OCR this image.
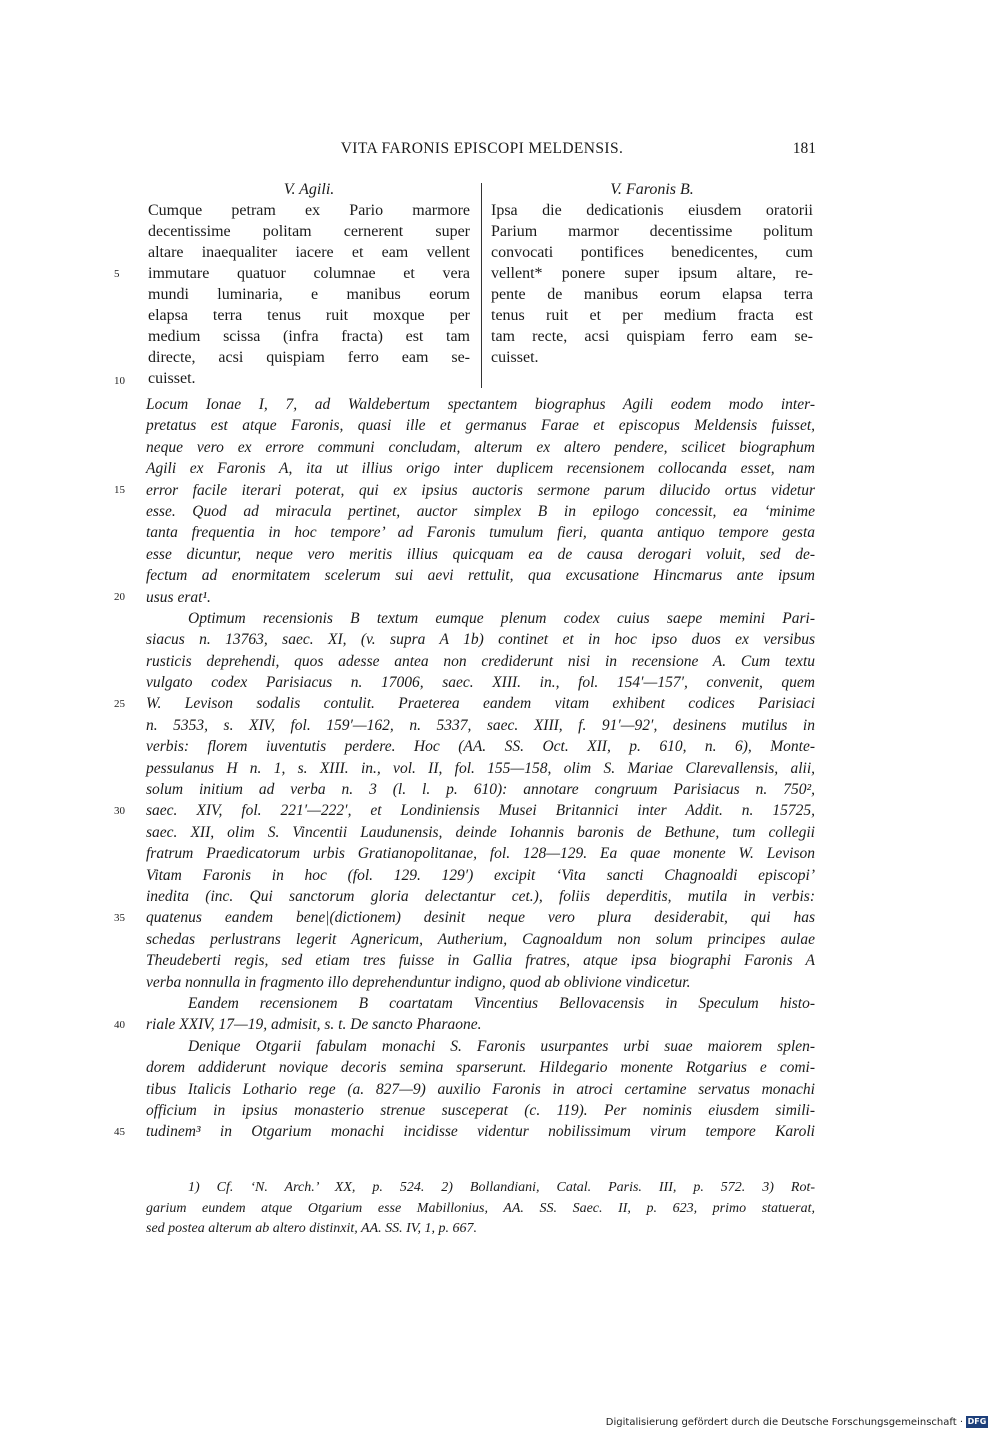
VITA FARONIS EPISCOPI MELDENSIS.	181
V. Agili.
Cumque petram ex Pario marmore
decentissime politam cernerent super
altare inaequaliter iacere et eam vellent
immutare quatuor columnae et vera
mundi luminaria, e manibus eorum
elapsa terra tenus ruit moxque per
medium scissa (infra fracta) est tam
directe, acsi quispiam ferro eam se-
cuisset.
V. Faronis B.
Ipsa die dedicationis eiusdem oratorii
Parium marmor decentissime politum
convocati pontifices benedicentes, cum
vellent* ponere super ipsum altare, re-
pente de manibus eorum elapsa terra
tenus ruit et per medium fracta est
tam recte, acsi quispiam ferro eam se-
cuisset.
5
10
15
20
25
30
35
40
45
Locum Ionae I, 7, ad Waldebertum spectantem biographus Agili eodem modo inter-
pretatus est atque Faronis, quasi ille et germanus Farae et episcopus Meldensis fuisset,
neque vero ex errore communi concludam, alterum ex altero pendere, scilicet biographum
Agili ex Faronis A, ita ut illius origo inter duplicem recensionem collocanda esset, nam
error facile iterari poterat, qui ex ipsius auctoris sermone parum dilucido ortus videtur
esse. Quod ad miracula pertinet, auctor simplex B in epilogo concessit, ea ‘minime
tanta frequentia in hoc tempore’ ad Faronis tumulum fieri, quanta antiquo tempore gesta
esse dicuntur, neque vero meritis illius quicquam ea de causa derogari voluit, sed de-
fectum ad enormitatem scelerum sui aevi rettulit, qua excusatione Hincmarus ante ipsum
usus erat¹.
Optimum recensionis B textum eumque plenum codex cuius saepe memini Pari-
siacus n. 13763, saec. XI, (v. supra A 1b) continet et in hoc ipso duos ex versibus
rusticis deprehendi, quos adesse antea non crediderunt nisi in recensione A. Cum textu
vulgato codex Parisiacus n. 17006, saec. XIII. in., fol. 154′—157′, convenit, quem
W. Levison sodalis contulit. Praeterea eandem vitam exhibent codices Parisiaci
n. 5353, s. XIV, fol. 159′—162, n. 5337, saec. XIII, f. 91′—92′, desinens mutilus in
verbis: florem iuventutis perdere. Hoc (AA. SS. Oct. XII, p. 610, n. 6), Monte-
pessulanus H n. 1, s. XIII. in., vol. II, fol. 155—158, olim S. Mariae Clarevallensis, alii,
solum initium ad verba n. 3 (l. l. p. 610): annotare congruum Parisiacus n. 750²,
saec. XIV, fol. 221′—222′, et Londiniensis Musei Britannici inter Addit. n. 15725,
saec. XII, olim S. Vincentii Laudunensis, deinde Iohannis baronis de Bethune, tum collegii
fratrum Praedicatorum urbis Gratianopolitanae, fol. 128—129. Ea quae monente W. Levison
Vitam Faronis in hoc (fol. 129. 129′) excipit ‘Vita sancti Chagnoaldi episcopi’
inedita (inc. Qui sanctorum gloria delectantur cet.), foliis deperditis, mutila in verbis:
quatenus eandem bene|(dictionem) desinit neque vero plura desiderabit, qui has
schedas perlustrans legerit Agnericum, Autherium, Cagnoaldum non solum principes aulae
Theudeberti regis, sed etiam tres fuisse in Gallia fratres, atque ipsa biographi Faronis A
verba nonnulla in fragmento illo deprehenduntur indigno, quod ab oblivione vindicetur.
Eandem recensionem B coartatam Vincentius Bellovacensis in Speculum histo-
riale XXIV, 17—19, admisit, s. t. De sancto Pharaone.
Denique Otgarii fabulam monachi S. Faronis usurpantes urbi suae maiorem splen-
dorem addiderunt novique decoris semina sparserunt. Hildegario monente Rotgarius e comi-
tibus Italicis Lothario rege (a. 827—9) auxilio Faronis in atroci certamine servatus monachi
officium in ipsius monasterio strenue susceperat (c. 119). Per nominis eiusdem simili-
tudinem³ in Otgarium monachi incidisse videntur nobilissimum virum tempore Karoli
1) Cf. ‘N. Arch.’ XX, p. 524. 2) Bollandiani, Catal. Paris. III, p. 572. 3) Rot-
garium eundem atque Otgarium esse Mabillonius, AA. SS. Saec. II, p. 623, primo statuerat,
sed postea alterum ab altero distinxit, AA. SS. IV, 1, p. 667.
Digitalisierung gefördert durch die Deutsche Forschungsgemeinschaft · DFG
